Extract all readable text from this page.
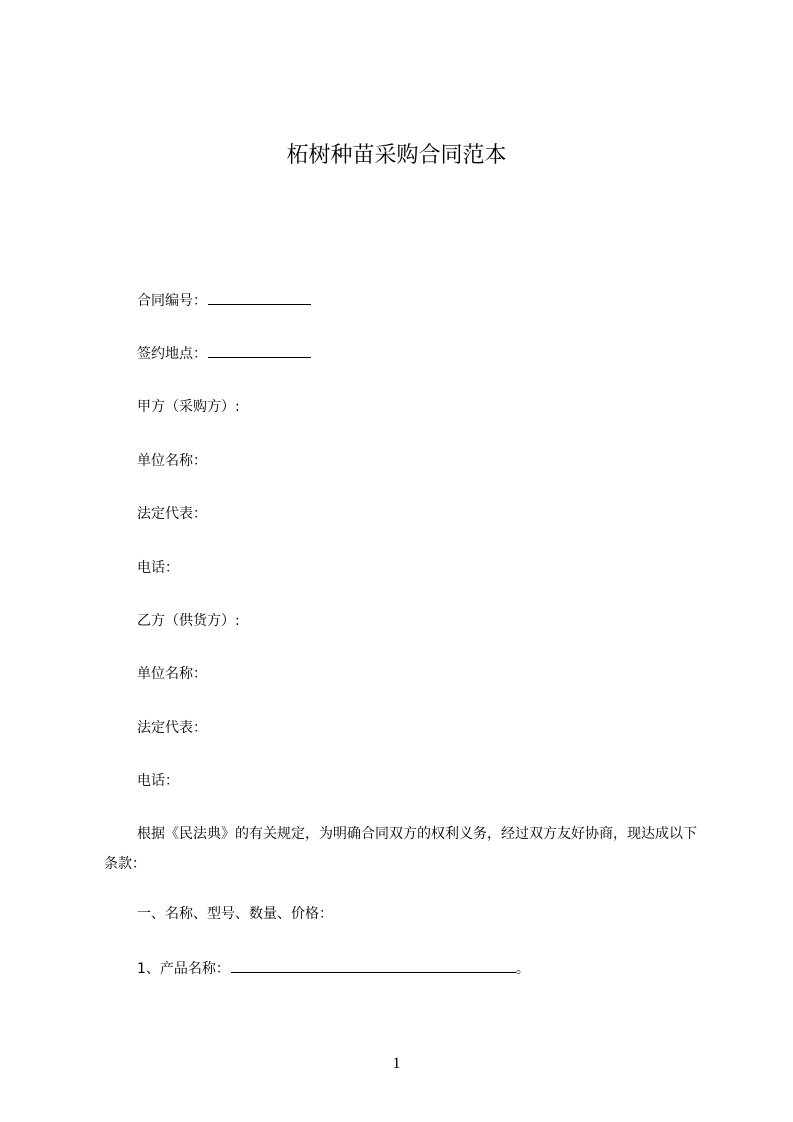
柘树种苗采购合同范本
合同编号：
签约地点：
甲方（采购方）:
单位名称：
法定代表：
电话：
乙方（供货方）:
单位名称：
法定代表：
电话：
根据《民法典》的有关规定，为明确合同双方的权利义务，经过双方友好协商，现达成以下条款：
一、名称、型号、数量、价格：
1、产品名称：	。
1
